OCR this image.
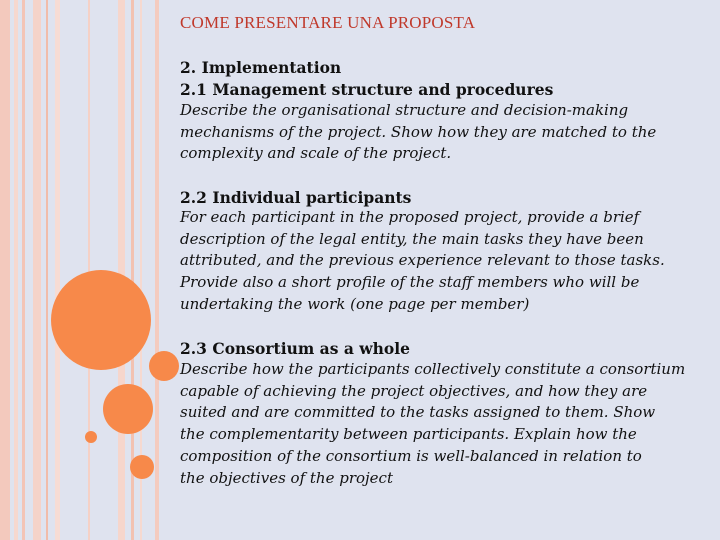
COME PRESENTARE UNA PROPOSTA
2. Implementation
2.1 Management structure and procedures
Describe the organisational structure and decision-making
mechanisms of the project. Show how they are matched to the
complexity and scale of the project.
2.2 Individual participants
For each participant in the proposed project, provide a brief
description of the legal entity, the main tasks they have been
attributed, and the previous experience relevant to those tasks.
Provide also a short profile of the staff members who will be
undertaking the work (one page per member)
2.3 Consortium as a whole
Describe how the participants collectively constitute a consortium
capable of achieving the project objectives, and how they are
suited and are committed to the tasks assigned to them. Show
the complementarity between participants. Explain how the
composition of the consortium is well-balanced in relation to
the objectives of the project
